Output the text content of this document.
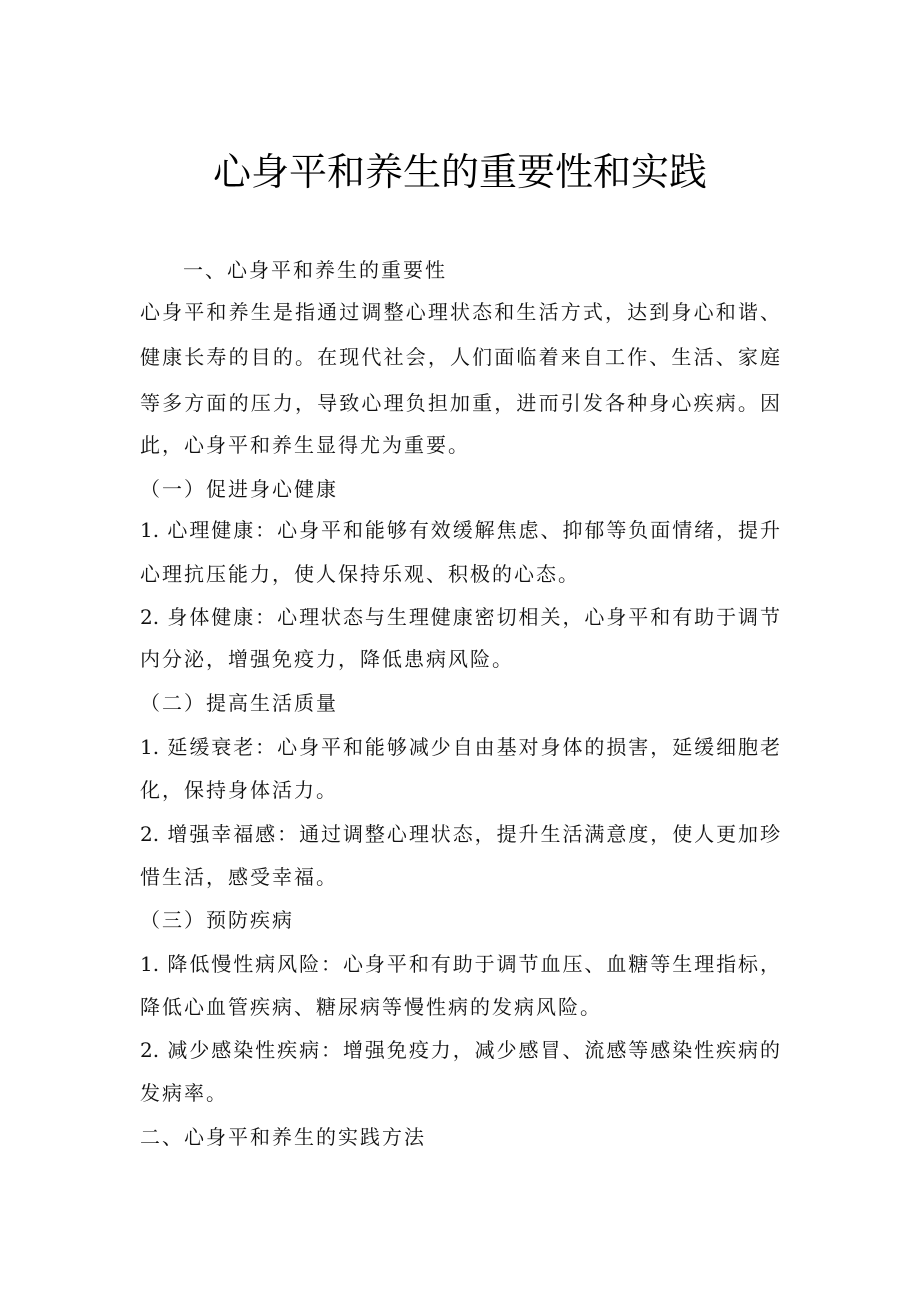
心身平和养生的重要性和实践
一、心身平和养生的重要性
心身平和养生是指通过调整心理状态和生活方式，达到身心和谐、
健康长寿的目的。在现代社会，人们面临着来自工作、生活、家庭
等多方面的压力，导致心理负担加重，进而引发各种身心疾病。因
此，心身平和养生显得尤为重要。
（一）促进身心健康
1. 心理健康：心身平和能够有效缓解焦虑、抑郁等负面情绪，提升
心理抗压能力，使人保持乐观、积极的心态。
2. 身体健康：心理状态与生理健康密切相关，心身平和有助于调节
内分泌，增强免疫力，降低患病风险。
（二）提高生活质量
1. 延缓衰老：心身平和能够减少自由基对身体的损害，延缓细胞老
化，保持身体活力。
2. 增强幸福感：通过调整心理状态，提升生活满意度，使人更加珍
惜生活，感受幸福。
（三）预防疾病
1. 降低慢性病风险：心身平和有助于调节血压、血糖等生理指标，
降低心血管疾病、糖尿病等慢性病的发病风险。
2. 减少感染性疾病：增强免疫力，减少感冒、流感等感染性疾病的
发病率。
二、心身平和养生的实践方法
